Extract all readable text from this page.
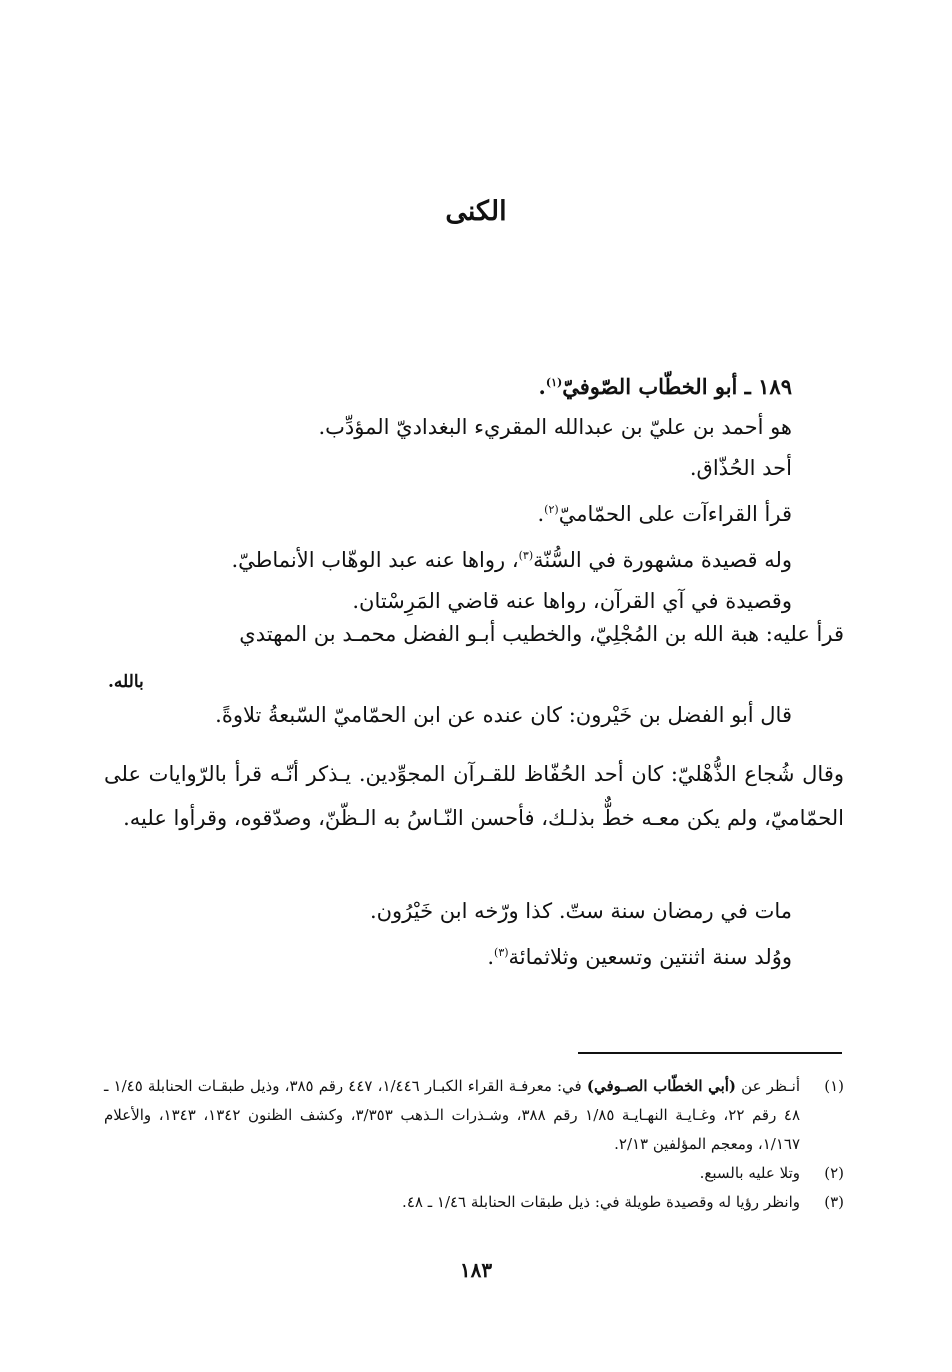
الكنى
١٨٩ ـ أبو الخطّاب الصّوفيّ$^{(١)}$.
هو أحمد بن عليّ بن عبدالله المقريء البغداديّ المؤدِّب.
أحد الحُذّاق.
قرأ القراءآت على الحمّاميّ$^{(٢)}$.
وله قصيدة مشهورة في السُّنّة$^{(٣)}$، رواها عنه عبد الوهّاب الأنماطيّ.
وقصيدة في آي القرآن، رواها عنه قاضي المَرِسْتان.
قرأ عليه: هبة الله بن المُجْلِيّ، والخطيب أبـو الفضل محمـد بن المهتدي
بالله.
قال أبو الفضل بن خَيْرون: كان عنده عن ابن الحمّاميّ السّبعةُ تلاوةً.
وقال شُجاع الذُّهْليّ: كان أحد الحُفّاظ للقـرآن المجوِّدين. يـذكر أنّـه قرأ بالرّوايات على الحمّاميّ، ولم يكن معـه خطٌّ بذلـك، فأحسن النّـاسُ به الـظّنّ، وصدّقوه، وقرأوا عليه.
مات في رمضان سنة ستّ. كذا ورّخه ابن خَيْرُون.
ووُلد سنة اثنتين وتسعين وثلاثمائة$^{(٣)}$.
(١)
أنـظر عن (أبي الخطّاب الصـوفي) في: معرفـة القراء الكبـار ١/٤٤٦، ٤٤٧ رقم ٣٨٥، وذيل طبقـات الحنابلة ١/٤٥ ـ ٤٨ رقم ٢٢، وغـايـة النهـايـة ١/٨٥ رقم ٣٨٨، وشـذرات الـذهب ٣/٣٥٣، وكشف الظنون ١٣٤٢، ١٣٤٣، والأعلام ١/١٦٧، ومعجم المؤلفين ٢/١٣.
(٢)
وتلا عليه بالسبع.
(٣)
وانظر رؤيا له وقصيدة طويلة في: ذيل طبقات الحنابلة ١/٤٦ ـ ٤٨.
١٨٣
